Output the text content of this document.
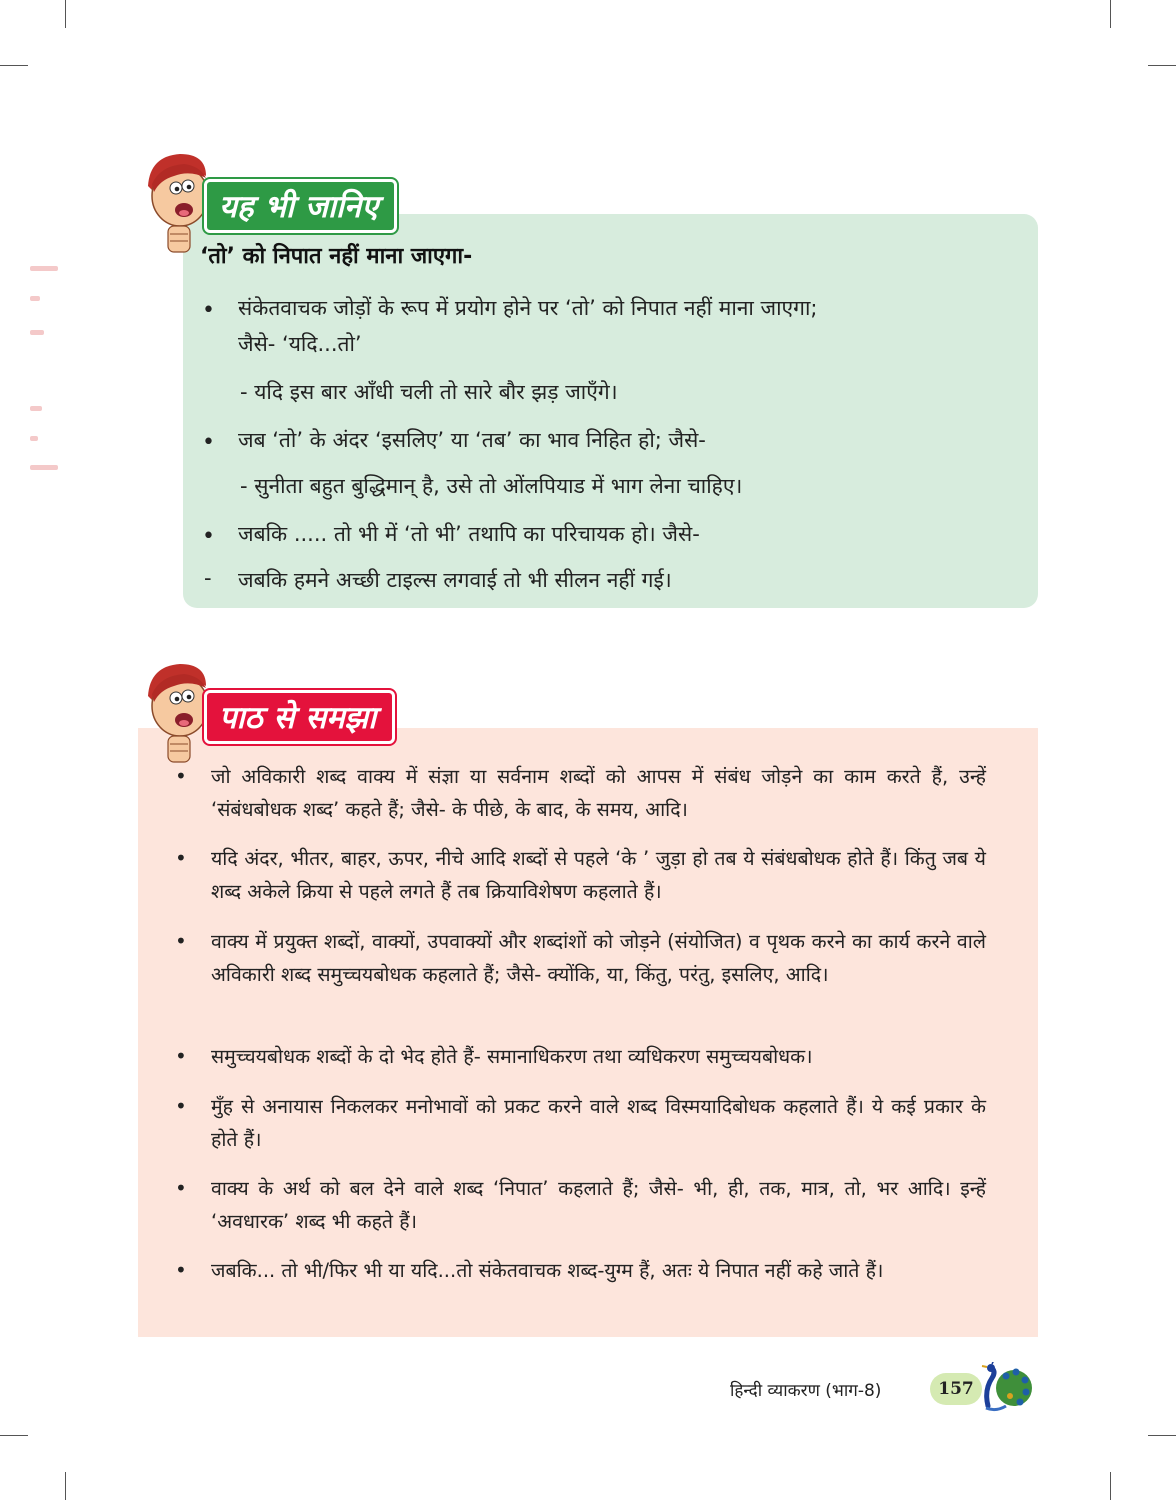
यह भी जानिए
‘तो’ को निपात नहीं माना जाएगा-
• संकेतवाचक जोड़ों के रूप में प्रयोग होने पर ‘तो’ को निपात नहीं माना जाएगा;
जैसे- ‘यदि...तो’
- यदि इस बार आँधी चली तो सारे बौर झड़ जाएँगे।
• जब ‘तो’ के अंदर ‘इसलिए’ या ‘तब’ का भाव निहित हो; जैसे-
- सुनीता बहुत बुद्धिमान् है, उसे तो ओंलपियाड में भाग लेना चाहिए।
• जबकि ..... तो भी में ‘तो भी’ तथापि का परिचायक हो। जैसे-
- जबकि हमने अच्छी टाइल्स लगवाई तो भी सीलन नहीं गई।
पाठ से समझा
• जो अविकारी शब्द वाक्य में संज्ञा या सर्वनाम शब्दों को आपस में संबंध जोड़ने का काम करते हैं, उन्हें ‘संबंधबोधक शब्द’ कहते हैं; जैसे- के पीछे, के बाद, के समय, आदि।
• यदि अंदर, भीतर, बाहर, ऊपर, नीचे आदि शब्दों से पहले ‘के ’ जुड़ा हो तब ये संबंधबोधक होते हैं। किंतु जब ये शब्द अकेले क्रिया से पहले लगते हैं तब क्रियाविशेषण कहलाते हैं।
• वाक्य में प्रयुक्त शब्दों, वाक्यों, उपवाक्यों और शब्दांशों को जोड़ने (संयोजित) व पृथक करने का कार्य करने वाले अविकारी शब्द समुच्चयबोधक कहलाते हैं; जैसे- क्योंकि, या, किंतु, परंतु, इसलिए, आदि।
• समुच्चयबोधक शब्दों के दो भेद होते हैं- समानाधिकरण तथा व्यधिकरण समुच्चयबोधक।
• मुँह से अनायास निकलकर मनोभावों को प्रकट करने वाले शब्द विस्मयादिबोधक कहलाते हैं। ये कई प्रकार के होते हैं।
• वाक्य के अर्थ को बल देने वाले शब्द ‘निपात’ कहलाते हैं; जैसे- भी, ही, तक, मात्र, तो, भर आदि। इन्हें ‘अवधारक’ शब्द भी कहते हैं।
• जबकि... तो भी/फिर भी या यदि...तो संकेतवाचक शब्द-युग्म हैं, अतः ये निपात नहीं कहे जाते हैं।
हिन्दी व्याकरण (भाग-8)	157
